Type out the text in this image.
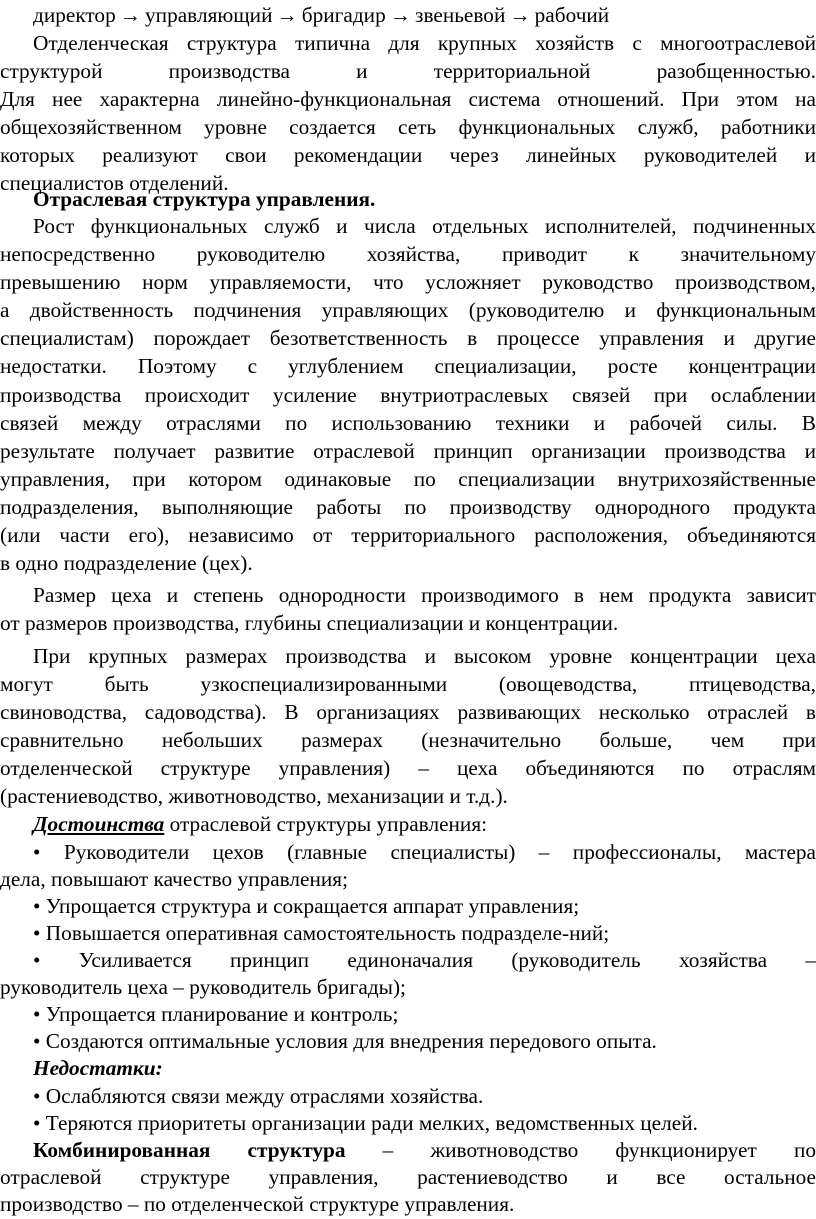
директор → управляющий → бригадир → звеньевой → рабочий
Отделенческая структура типична для крупных хозяйств с многоотраслевой
структурой производства и территориальной разобщенностью.
Для нее характерна линейно-функциональная система отношений. При этом на
общехозяйственном уровне создается сеть функциональных служб, работники
которых реализуют свои рекомендации через линейных руководителей и
специалистов отделений.
Отраслевая структура управления.
Рост функциональных служб и числа отдельных исполнителей, подчиненных
непосредственно руководителю хозяйства, приводит к значительному
превышению норм управляемости, что усложняет руководство производством,
а двойственность подчинения управляющих (руководителю и функциональным
специалистам) порождает безответственность в процессе управления и другие
недостатки. Поэтому с углублением специализации, росте концентрации
производства происходит усиление внутриотраслевых связей при ослаблении
связей между отраслями по использованию техники и рабочей силы. В
результате получает развитие отраслевой принцип организации производства и
управления, при котором одинаковые по специализации внутрихозяйственные
подразделения, выполняющие работы по производству однородного продукта
(или части его), независимо от территориального расположения, объединяются
в одно подразделение (цех).
Размер цеха и степень однородности производимого в нем продукта зависит
от размеров производства, глубины специализации и концентрации.
При крупных размерах производства и высоком уровне концентрации цеха
могут быть узкоспециализированными (овощеводства, птицеводства,
свиноводства, садоводства). В организациях развивающих несколько отраслей в
сравнительно небольших размерах (незначительно больше, чем при
отделенческой структуре управления) – цеха объединяются по отраслям
(растениеводство, животноводство, механизации и т.д.).
Достоинства отраслевой структуры управления:
• Руководители цехов (главные специалисты) – профессионалы, мастера
дела, повышают качество управления;
• Упрощается структура и сокращается аппарат управления;
• Повышается оперативная самостоятельность подразделе-ний;
• Усиливается принцип единоначалия (руководитель хозяйства –
руководитель цеха – руководитель бригады);
• Упрощается планирование и контроль;
• Создаются оптимальные условия для внедрения передового опыта.
Недостатки:
• Ослабляются связи между отраслями хозяйства.
• Теряются приоритеты организации ради мелких, ведомственных целей.
Комбинированная структура – животноводство функционирует по
отраслевой структуре управления, растениеводство и все остальное
производство – по отделенческой структуре управления.
